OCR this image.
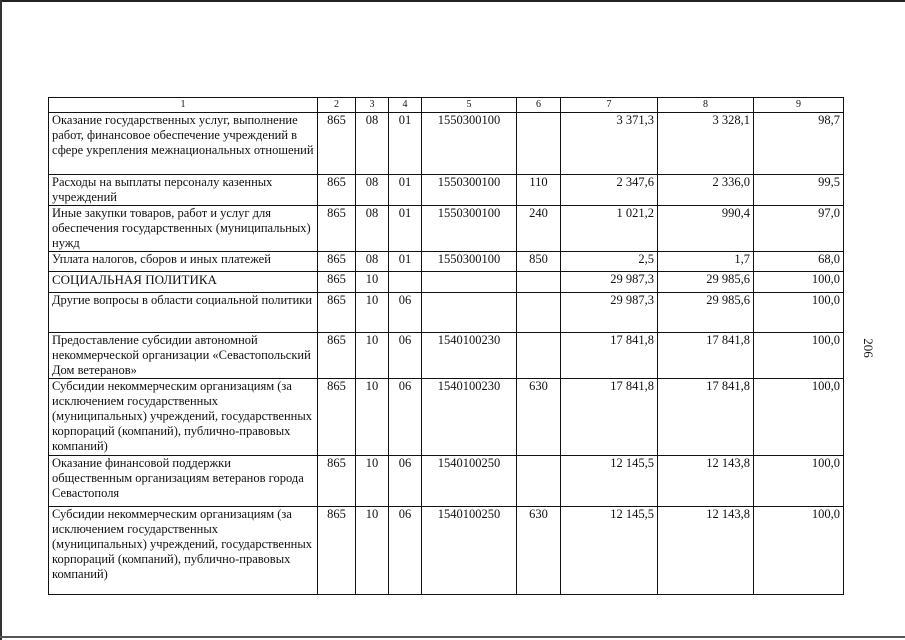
206
1	2	3	4	5	6	7	8	9
Оказание государственных услуг, выполнение работ, финансовое обеспечение учреждений в сфере укрепления межнациональных отношений	865	08	01	1550300100		3 371,3	3 328,1	98,7
Расходы на выплаты персоналу казенных учреждений	865	08	01	1550300100	110	2 347,6	2 336,0	99,5
Иные закупки товаров, работ и услуг для обеспечения государственных (муниципальных) нужд	865	08	01	1550300100	240	1 021,2	990,4	97,0
Уплата налогов, сборов и иных платежей	865	08	01	1550300100	850	2,5	1,7	68,0
СОЦИАЛЬНАЯ ПОЛИТИКА	865	10				29 987,3	29 985,6	100,0
Другие вопросы в области социальной политики	865	10	06			29 987,3	29 985,6	100,0
Предоставление субсидии автономной некоммерческой организации «Севастопольский Дом ветеранов»	865	10	06	1540100230		17 841,8	17 841,8	100,0
Субсидии некоммерческим организациям (за исключением государственных (муниципальных) учреждений, государственных корпораций (компаний), публично-правовых компаний)	865	10	06	1540100230	630	17 841,8	17 841,8	100,0
Оказание финансовой поддержки общественным организациям ветеранов города Севастополя	865	10	06	1540100250		12 145,5	12 143,8	100,0
Субсидии некоммерческим организациям (за исключением государственных (муниципальных) учреждений, государственных корпораций (компаний), публично-правовых компаний)	865	10	06	1540100250	630	12 145,5	12 143,8	100,0
